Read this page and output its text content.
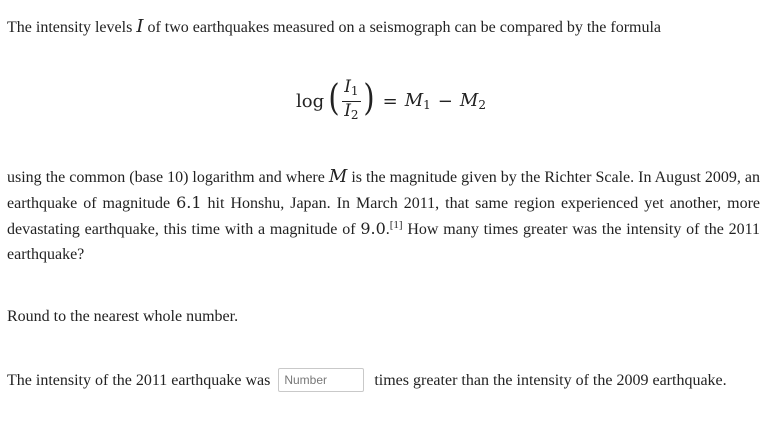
The intensity levels I of two earthquakes measured on a seismograph can be compared by the formula

log ( $\frac{I_1}{I_2}$ ) = $M_1 - M_2$

using the common (base 10) logarithm and where M is the magnitude given by the Richter Scale. In August 2009, an earthquake of magnitude 6.1 hit Honshu, Japan. In March 2011, that same region experienced yet another, more devastating earthquake, this time with a magnitude of 9.0.[1] How many times greater was the intensity of the 2011 earthquake?

Round to the nearest whole number.

The intensity of the 2011 earthquake wasNumber	times greater than the intensity of the 2009 earthquake.
